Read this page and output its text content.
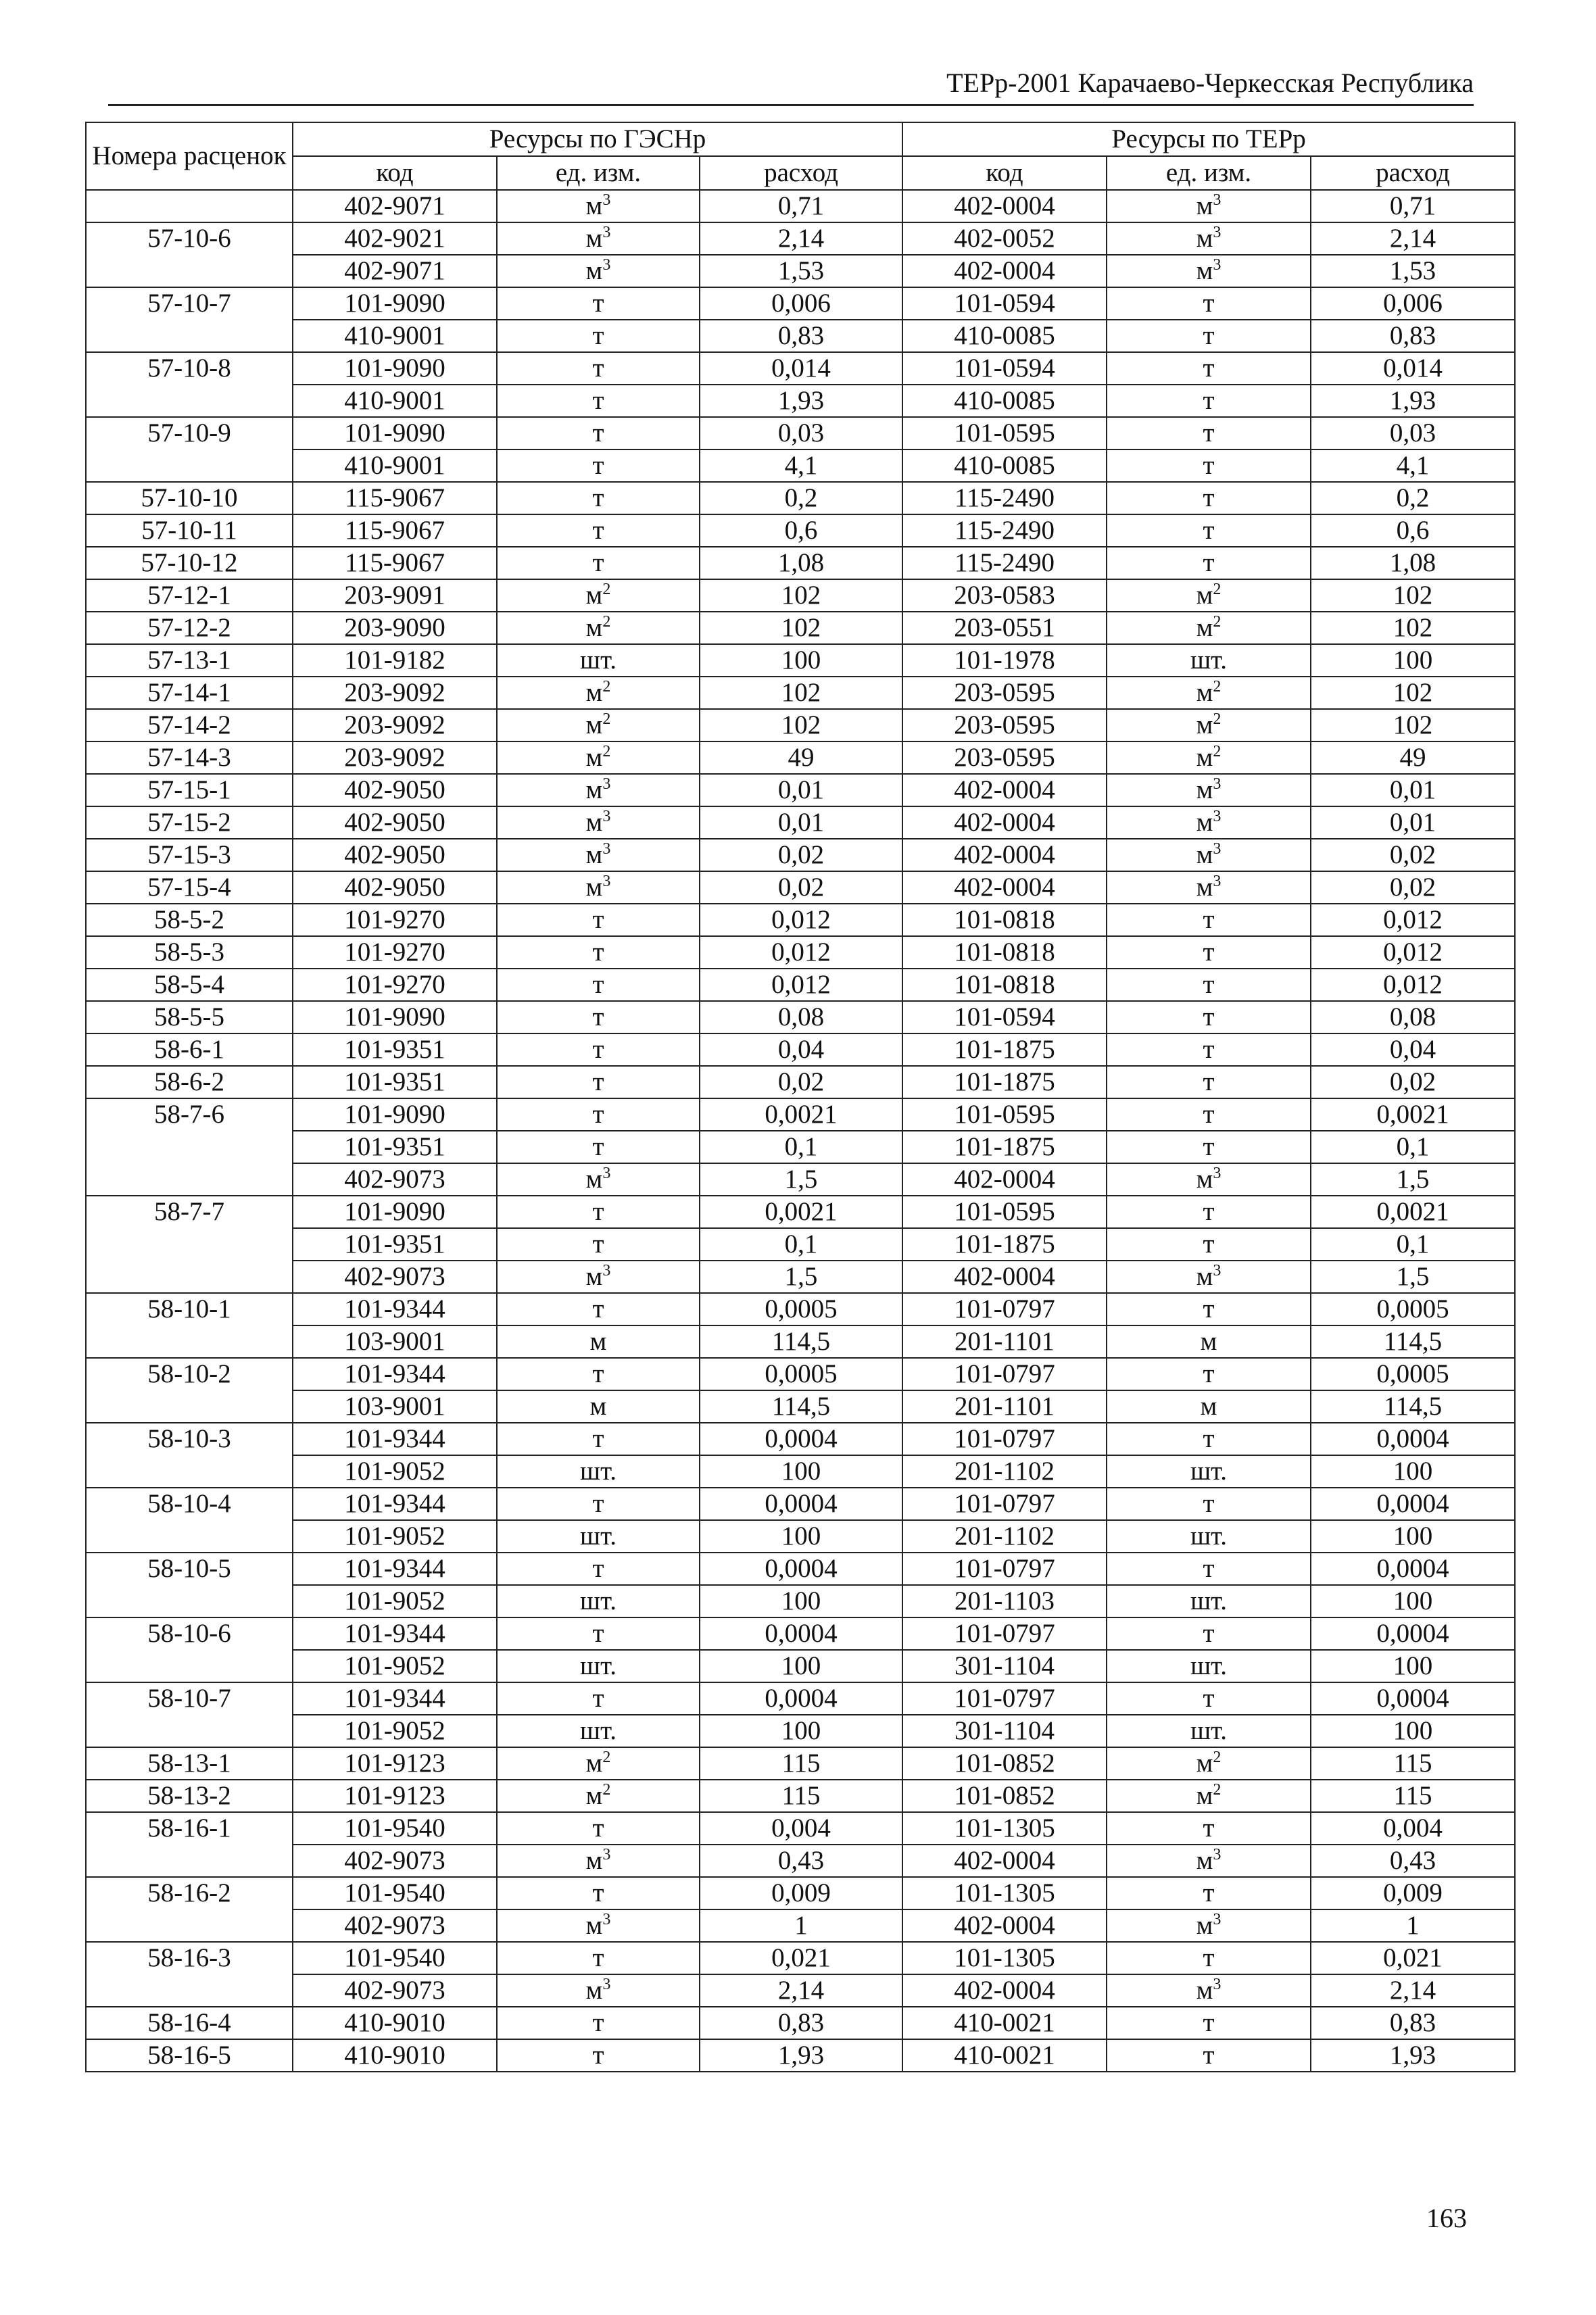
ТЕРр-2001 Карачаево-Черкесская Республика
Номера расценок	Ресурсы по ГЭСНр			Ресурсы по ТЕРр		
	код	ед. изм.	расход	код	ед. изм.	расход
	402-9071	$м^3$	0,71	402-0004	$м^3$	0,71
57-10-6	402-9021	$м^3$	2,14	402-0052	$м^3$	2,14
	402-9071	$м^3$	1,53	402-0004	$м^3$	1,53
57-10-7	101-9090	т	0,006	101-0594	т	0,006
	410-9001	т	0,83	410-0085	т	0,83
57-10-8	101-9090	т	0,014	101-0594	т	0,014
	410-9001	т	1,93	410-0085	т	1,93
57-10-9	101-9090	т	0,03	101-0595	т	0,03
	410-9001	т	4,1	410-0085	т	4,1
57-10-10	115-9067	т	0,2	115-2490	т	0,2
57-10-11	115-9067	т	0,6	115-2490	т	0,6
57-10-12	115-9067	т	1,08	115-2490	т	1,08
57-12-1	203-9091	$м^2$	102	203-0583	$м^2$	102
57-12-2	203-9090	$м^2$	102	203-0551	$м^2$	102
57-13-1	101-9182	шт.	100	101-1978	шт.	100
57-14-1	203-9092	$м^2$	102	203-0595	$м^2$	102
57-14-2	203-9092	$м^2$	102	203-0595	$м^2$	102
57-14-3	203-9092	$м^2$	49	203-0595	$м^2$	49
57-15-1	402-9050	$м^3$	0,01	402-0004	$м^3$	0,01
57-15-2	402-9050	$м^3$	0,01	402-0004	$м^3$	0,01
57-15-3	402-9050	$м^3$	0,02	402-0004	$м^3$	0,02
57-15-4	402-9050	$м^3$	0,02	402-0004	$м^3$	0,02
58-5-2	101-9270	т	0,012	101-0818	т	0,012
58-5-3	101-9270	т	0,012	101-0818	т	0,012
58-5-4	101-9270	т	0,012	101-0818	т	0,012
58-5-5	101-9090	т	0,08	101-0594	т	0,08
58-6-1	101-9351	т	0,04	101-1875	т	0,04
58-6-2	101-9351	т	0,02	101-1875	т	0,02
58-7-6	101-9090	т	0,0021	101-0595	т	0,0021
	101-9351	т	0,1	101-1875	т	0,1
	402-9073	$м^3$	1,5	402-0004	$м^3$	1,5
58-7-7	101-9090	т	0,0021	101-0595	т	0,0021
	101-9351	т	0,1	101-1875	т	0,1
	402-9073	$м^3$	1,5	402-0004	$м^3$	1,5
58-10-1	101-9344	т	0,0005	101-0797	т	0,0005
	103-9001	м	114,5	201-1101	м	114,5
58-10-2	101-9344	т	0,0005	101-0797	т	0,0005
	103-9001	м	114,5	201-1101	м	114,5
58-10-3	101-9344	т	0,0004	101-0797	т	0,0004
	101-9052	шт.	100	201-1102	шт.	100
58-10-4	101-9344	т	0,0004	101-0797	т	0,0004
	101-9052	шт.	100	201-1102	шт.	100
58-10-5	101-9344	т	0,0004	101-0797	т	0,0004
	101-9052	шт.	100	201-1103	шт.	100
58-10-6	101-9344	т	0,0004	101-0797	т	0,0004
	101-9052	шт.	100	301-1104	шт.	100
58-10-7	101-9344	т	0,0004	101-0797	т	0,0004
	101-9052	шт.	100	301-1104	шт.	100
58-13-1	101-9123	$м^2$	115	101-0852	$м^2$	115
58-13-2	101-9123	$м^2$	115	101-0852	$м^2$	115
58-16-1	101-9540	т	0,004	101-1305	т	0,004
	402-9073	$м^3$	0,43	402-0004	$м^3$	0,43
58-16-2	101-9540	т	0,009	101-1305	т	0,009
	402-9073	$м^3$	1	402-0004	$м^3$	1
58-16-3	101-9540	т	0,021	101-1305	т	0,021
	402-9073	$м^3$	2,14	402-0004	$м^3$	2,14
58-16-4	410-9010	т	0,83	410-0021	т	0,83
58-16-5	410-9010	т	1,93	410-0021	т	1,93
163
